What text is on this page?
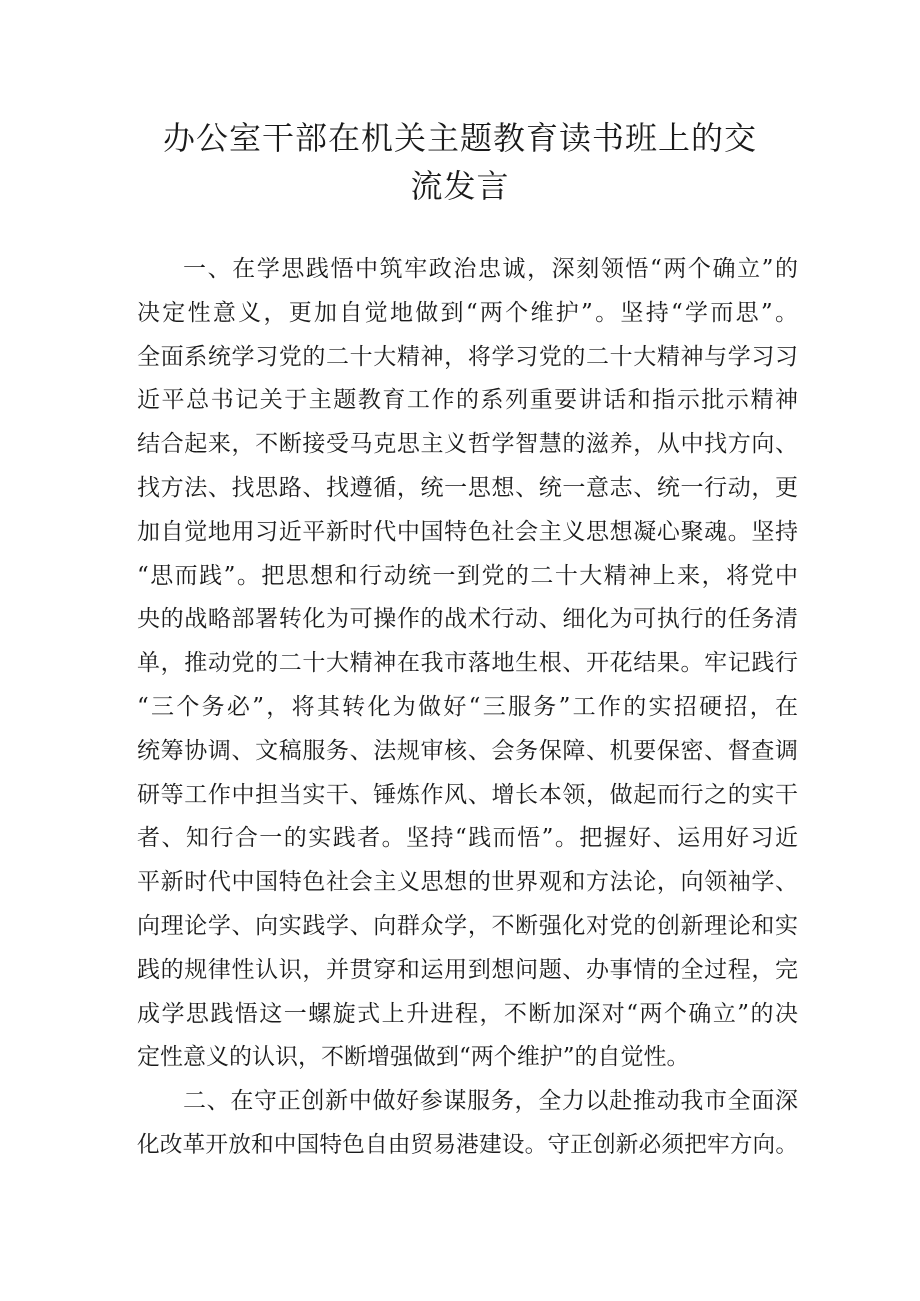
办公室干部在机关主题教育读书班上的交
流发言
一、在学思践悟中筑牢政治忠诚，深刻领悟“两个确立”的
决定性意义，更加自觉地做到“两个维护”。坚持“学而思”。
全面系统学习党的二十大精神，将学习党的二十大精神与学习习
近平总书记关于主题教育工作的系列重要讲话和指示批示精神
结合起来，不断接受马克思主义哲学智慧的滋养，从中找方向、
找方法、找思路、找遵循，统一思想、统一意志、统一行动，更
加自觉地用习近平新时代中国特色社会主义思想凝心聚魂。坚持
“思而践”。把思想和行动统一到党的二十大精神上来，将党中
央的战略部署转化为可操作的战术行动、细化为可执行的任务清
单，推动党的二十大精神在我市落地生根、开花结果。牢记践行
“三个务必”，将其转化为做好“三服务”工作的实招硬招，在
统筹协调、文稿服务、法规审核、会务保障、机要保密、督查调
研等工作中担当实干、锤炼作风、增长本领，做起而行之的实干
者、知行合一的实践者。坚持“践而悟”。把握好、运用好习近
平新时代中国特色社会主义思想的世界观和方法论，向领袖学、
向理论学、向实践学、向群众学，不断强化对党的创新理论和实
践的规律性认识，并贯穿和运用到想问题、办事情的全过程，完
成学思践悟这一螺旋式上升进程，不断加深对“两个确立”的决
定性意义的认识，不断增强做到“两个维护”的自觉性。
二、在守正创新中做好参谋服务，全力以赴推动我市全面深
化改革开放和中国特色自由贸易港建设。守正创新必须把牢方向。
